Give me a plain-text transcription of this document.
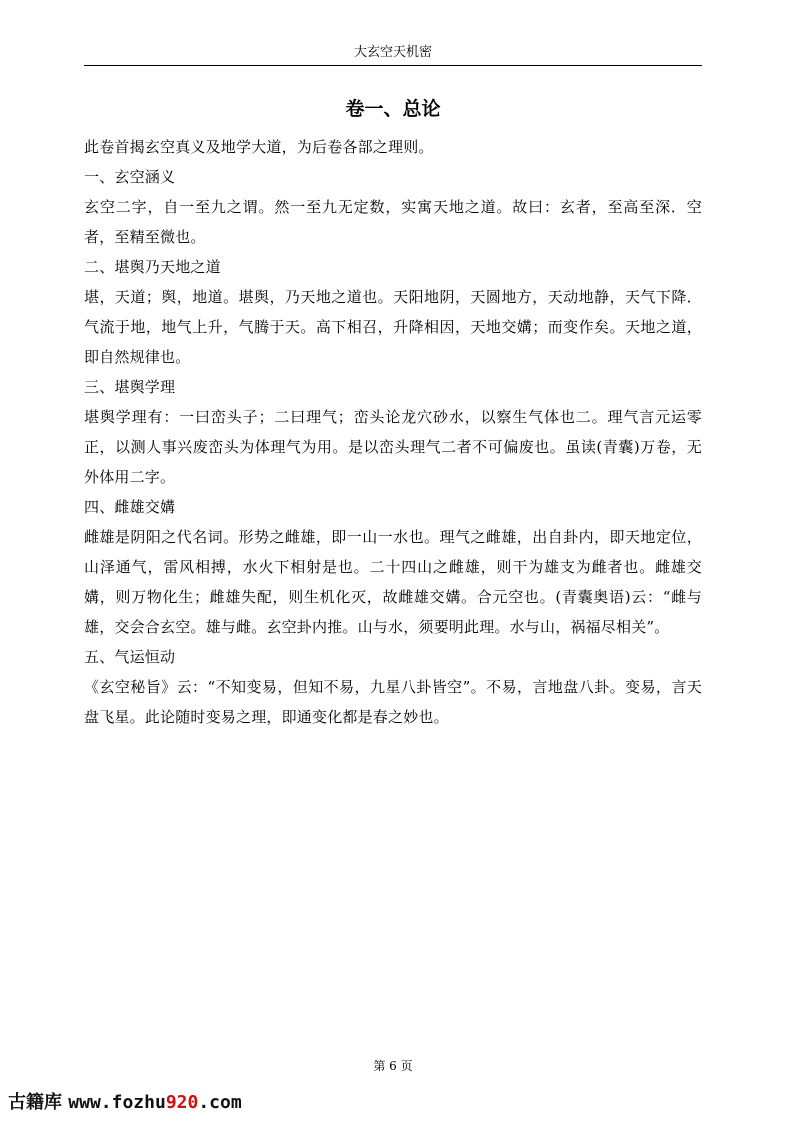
大玄空天机密
卷一、总论

此卷首揭玄空真义及地学大道，为后卷各部之理则。

一、玄空涵义

玄空二字，自一至九之谓。然一至九无定数，实寓天地之道。故曰：玄者，至高至深．空者，至精至微也。

二、堪舆乃天地之道

堪，天道；舆，地道。堪舆，乃天地之道也。天阳地阴，天圆地方，天动地静，天气下降．气流于地，地气上升，气腾于天。高下相召，升降相因，天地交媾；而变作矣。天地之道，即自然规律也。

三、堪舆学理

堪舆学理有：一曰峦头子；二曰理气；峦头论龙穴砂水，以察生气体也二。理气言元运零正，以测人事兴废峦头为体理气为用。是以峦头理气二者不可偏废也。虽读(青囊)万卷，无外体用二字。

四、雌雄交媾

雌雄是阴阳之代名词。形势之雌雄，即一山一水也。理气之雌雄，出自卦内，即天地定位，山泽通气，雷风相搏，水火下相射是也。二十四山之雌雄，则干为雄支为雌者也。雌雄交媾，则万物化生；雌雄失配，则生机化灭，故雌雄交媾。合元空也。(青囊奥语)云：“雌与雄，交会合玄空。雄与雌。玄空卦内推。山与水，须要明此理。水与山，祸福尽相关”。

五、气运恒动

《玄空秘旨》云：“不知变易，但知不易，九星八卦皆空”。不易，言地盘八卦。变易，言天盘飞星。此论随时变易之理，即通变化都是春之妙也。

第 6 页
古籍库 www.fozhu920.com
